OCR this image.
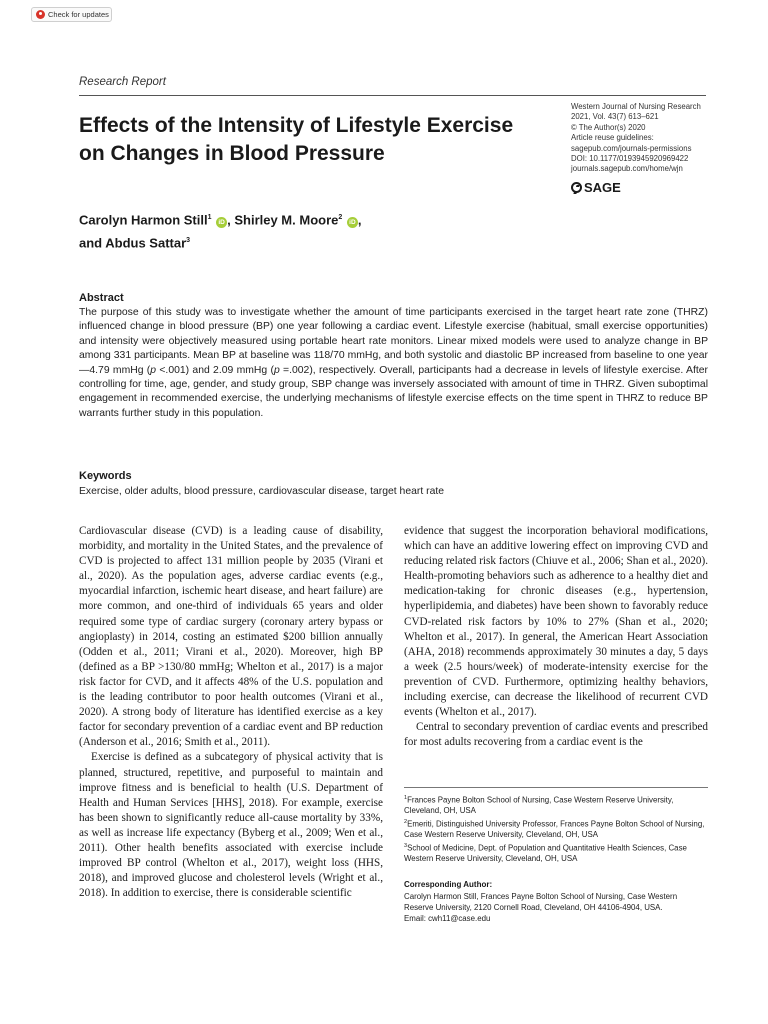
Check for updates
Research Report
Effects of the Intensity of Lifestyle Exercise on Changes in Blood Pressure
Western Journal of Nursing Research
2021, Vol. 43(7) 613–621
© The Author(s) 2020
Article reuse guidelines:
sagepub.com/journals-permissions
DOI: 10.1177/0193945920969422
journals.sagepub.com/home/wjn
SAGE
Carolyn Harmon Still$^1$ iD , Shirley M. Moore$^2$ iD ,
and Abdus Sattar$^3$
Abstract
The purpose of this study was to investigate whether the amount of time participants exercised in the target heart rate zone (THRZ) influenced change in blood pressure (BP) one year following a cardiac event. Lifestyle exercise (habitual, small exercise opportunities) and intensity were objectively measured using portable heart rate monitors. Linear mixed models were used to analyze change in BP among 331 participants. Mean BP at baseline was 118/70 mmHg, and both systolic and diastolic BP increased from baseline to one year—4.79 mmHg (p <.001) and 2.09 mmHg (p =.002), respectively. Overall, participants had a decrease in levels of lifestyle exercise. After controlling for time, age, gender, and study group, SBP change was inversely associated with amount of time in THRZ. Given suboptimal engagement in recommended exercise, the underlying mechanisms of lifestyle exercise effects on the time spent in THRZ to reduce BP warrants further study in this population.
Keywords
Exercise, older adults, blood pressure, cardiovascular disease, target heart rate

Cardiovascular disease (CVD) is a leading cause of disability, morbidity, and mortality in the United States, and the prevalence of CVD is projected to affect 131 million people by 2035 (Virani et al., 2020). As the population ages, adverse cardiac events (e.g., myocardial infarction, ischemic heart disease, and heart failure) are more common, and one-third of individuals 65 years and older required some type of cardiac surgery (coronary artery bypass or angioplasty) in 2014, costing an estimated $200 billion annually (Odden et al., 2011; Virani et al., 2020). Moreover, high BP (defined as a BP >130/80 mmHg; Whelton et al., 2017) is a major risk factor for CVD, and it affects 48% of the U.S. population and is the leading contributor to poor health outcomes (Virani et al., 2020). A strong body of literature has identified exercise as a key factor for secondary prevention of a cardiac event and BP reduction (Anderson et al., 2016; Smith et al., 2011).

Exercise is defined as a subcategory of physical activity that is planned, structured, repetitive, and purposeful to maintain and improve fitness and is beneficial to health (U.S. Department of Health and Human Services [HHS], 2018). For example, exercise has been shown to significantly reduce all-cause mortality by 33%, as well as increase life expectancy (Byberg et al., 2009; Wen et al., 2011). Other health benefits associated with exercise include improved BP control (Whelton et al., 2017), weight loss (HHS, 2018), and improved glucose and cholesterol levels (Wright et al., 2018). In addition to exercise, there is considerable scientific

evidence that suggest the incorporation behavioral modifications, which can have an additive lowering effect on improving CVD and reducing related risk factors (Chiuve et al., 2006; Shan et al., 2020). Health-promoting behaviors such as adherence to a healthy diet and medication-taking for chronic diseases (e.g., hypertension, hyperlipidemia, and diabetes) have been shown to favorably reduce CVD-related risk factors by 10% to 27% (Shan et al., 2020; Whelton et al., 2017). In general, the American Heart Association (AHA, 2018) recommends approximately 30 minutes a day, 5 days a week (2.5 hours/week) of moderate-intensity exercise for the prevention of CVD. Furthermore, optimizing healthy behaviors, including exercise, can decrease the likelihood of recurrent CVD events (Whelton et al., 2017).

Central to secondary prevention of cardiac events and prescribed for most adults recovering from a cardiac event is the

$^1$Frances Payne Bolton School of Nursing, Case Western Reserve University, Cleveland, OH, USA
$^2$Emeriti, Distinguished University Professor, Frances Payne Bolton School of Nursing, Case Western Reserve University, Cleveland, OH, USA
$^3$School of Medicine, Dept. of Population and Quantitative Health Sciences, Case Western Reserve University, Cleveland, OH, USA
Corresponding Author:
Carolyn Harmon Still, Frances Payne Bolton School of Nursing, Case Western Reserve University, 2120 Cornell Road, Cleveland, OH 44106-4904, USA.
Email: cwh11@case.edu
